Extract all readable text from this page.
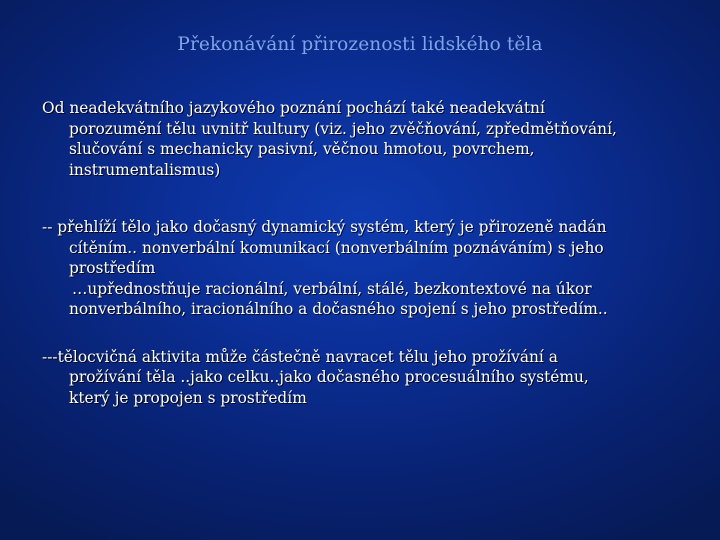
Překonávání přirozenosti lidského těla
Od neadekvátního jazykového poznání pochází také neadekvátní
porozumění tělu uvnitř kultury (viz. jeho zvěčňování, zpředmětňování,
slučování s mechanicky pasivní, věčnou hmotou, povrchem,
instrumentalismus)
-- přehlíží tělo jako dočasný dynamický systém, který je přirozeně nadán
cítěním.. nonverbální komunikací (nonverbálním poznáváním) s jeho
prostředím
…upřednostňuje racionální, verbální, stálé, bezkontextové na úkor
nonverbálního, iracionálního a dočasného spojení s jeho prostředím..
---tělocvičná aktivita může částečně navracet tělu jeho prožívání a
prožívání těla ..jako celku..jako dočasného procesuálního systému,
který je propojen s prostředím
